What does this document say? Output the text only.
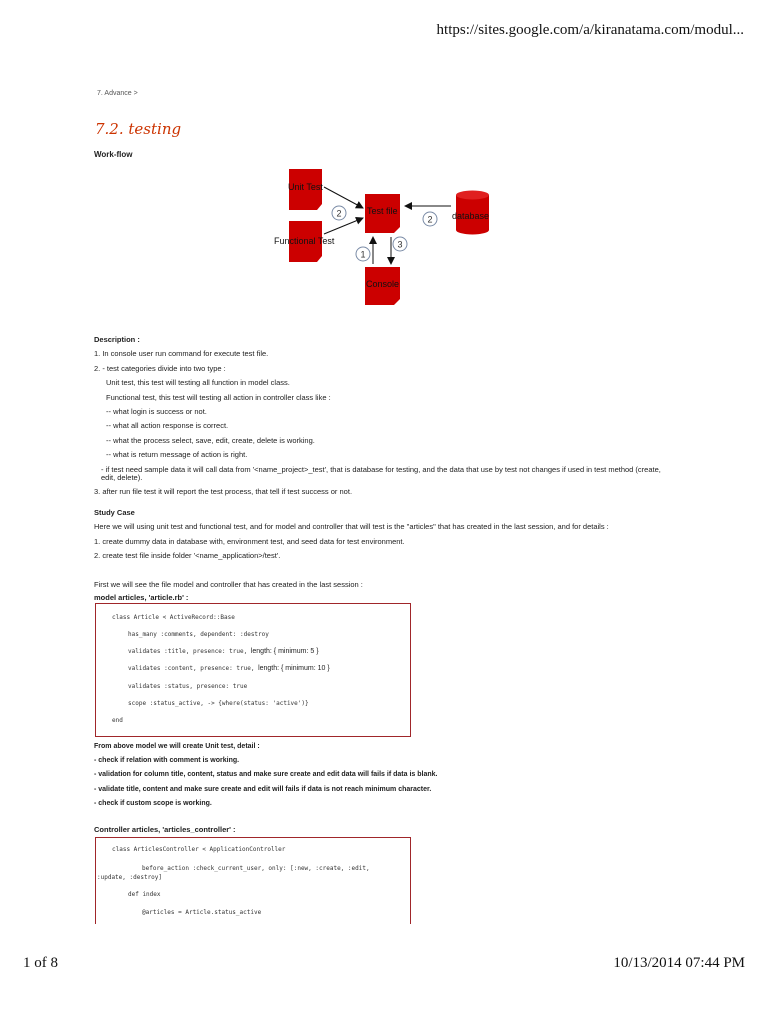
https://sites.google.com/a/kiranatama.com/modul...
7. Advance >
7.2. testing
Work-flow
Unit Test
Functional Test
Test file	database
Console
2
2
1
3
Description :
1. In console user run command for execute test file.
2. - test categories divide into two type :
Unit test, this test will testing all function in model class.
Functional test, this test will testing all action in controller class like :
-- what login is success or not.
-- what all action response is correct.
-- what the process select, save, edit, create, delete is working.
-- what is return message of action is right.
- if test need sample data it will call data from '<name_project>_test', that is database for testing, and the data that use by test not changes if used in test method (create, edit, delete).
3. after run file test it will report the test process, that tell if test success or not.
Study Case
Here we will using unit test and functional test, and for model and controller that will test is the "articles" that has created in the last session, and for details :
1. create dummy data in database with, environment test, and seed data for test environment.
2. create test file inside folder '<name_application>/test'.
First we will see the file model and controller that has created in the last session :
model articles, 'article.rb' :
class Article < ActiveRecord::Base
has_many :comments, dependent: :destroy
validates :title, presence: true, length: { minimum: 5 }
validates :content, presence: true, length: { minimum: 10 }
validates :status, presence: true
scope :status_active, -> {where(status: 'active')}
end
From above model we will create Unit test, detail :
- check if relation with comment is working.
- validation for column title, content, status and make sure create and edit data will fails if data is blank.
- validate title, content and make sure create and edit will fails if data is not reach minimum character.
- check if custom scope is working.
Controller articles, 'articles_controller' :
class ArticlesController < ApplicationController
before_action :check_current_user, only: [:new, :create, :edit,
:update, :destroy]
def index
@articles = Article.status_active
1 of 8	10/13/2014 07:44 PM
